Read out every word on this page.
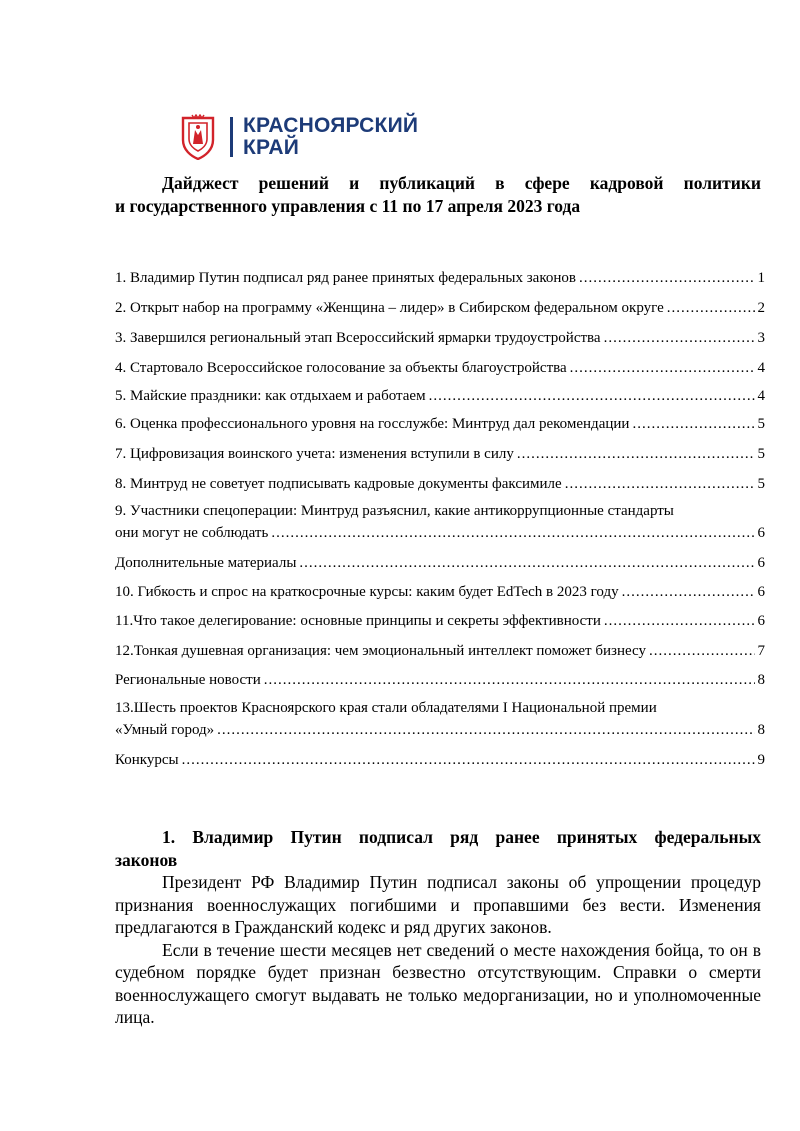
КРАСНОЯРСКИЙ
КРАЙ
Дайджест решений и публикаций в сфере кадровой политики
и государственного управления с 11 по 17 апреля 2023 года
1. Владимир Путин подписал ряд ранее принятых федеральных законов .....	1
2. Открыт набор на программу «Женщина – лидер» в Сибирском федеральном округе .....	2
3. Завершился региональный этап Всероссийский ярмарки трудоустройства .....	3
4. Стартовало Всероссийское голосование за объекты благоустройства .....	4
5. Майские праздники: как отдыхаем и работаем .....	4
6. Оценка профессионального уровня на госслужбе: Минтруд дал рекомендации .....	5
7. Цифровизация воинского учета: изменения вступили в силу .....	5
8. Минтруд не советует подписывать кадровые документы факсимиле .....	5
9. Участники спецоперации: Минтруд разъяснил, какие антикоррупционные стандарты
они могут не соблюдать .....	6
Дополнительные материалы .....	6
10. Гибкость и спрос на краткосрочные курсы: каким будет EdTech в 2023 году .....	6
11.Что такое делегирование: основные принципы и секреты эффективности .....	6
12.Тонкая душевная организация: чем эмоциональный интеллект поможет бизнесу .....	7
Региональные новости .....	8
13.Шесть проектов Красноярского края стали обладателями I Национальной премии
«Умный город» .....	8
Конкурсы .....	9
1. Владимир Путин подписал ряд ранее принятых федеральных
законов

Президент РФ Владимир Путин подписал законы об упрощении процедур признания военнослужащих погибшими и пропавшими без вести. Изменения предлагаются в Гражданский кодекс и ряд других законов.

Если в течение шести месяцев нет сведений о месте нахождения бойца, то он в судебном порядке будет признан безвестно отсутствующим. Справки о смерти военнослужащего смогут выдавать не только медорганизации, но и уполномоченные лица.
